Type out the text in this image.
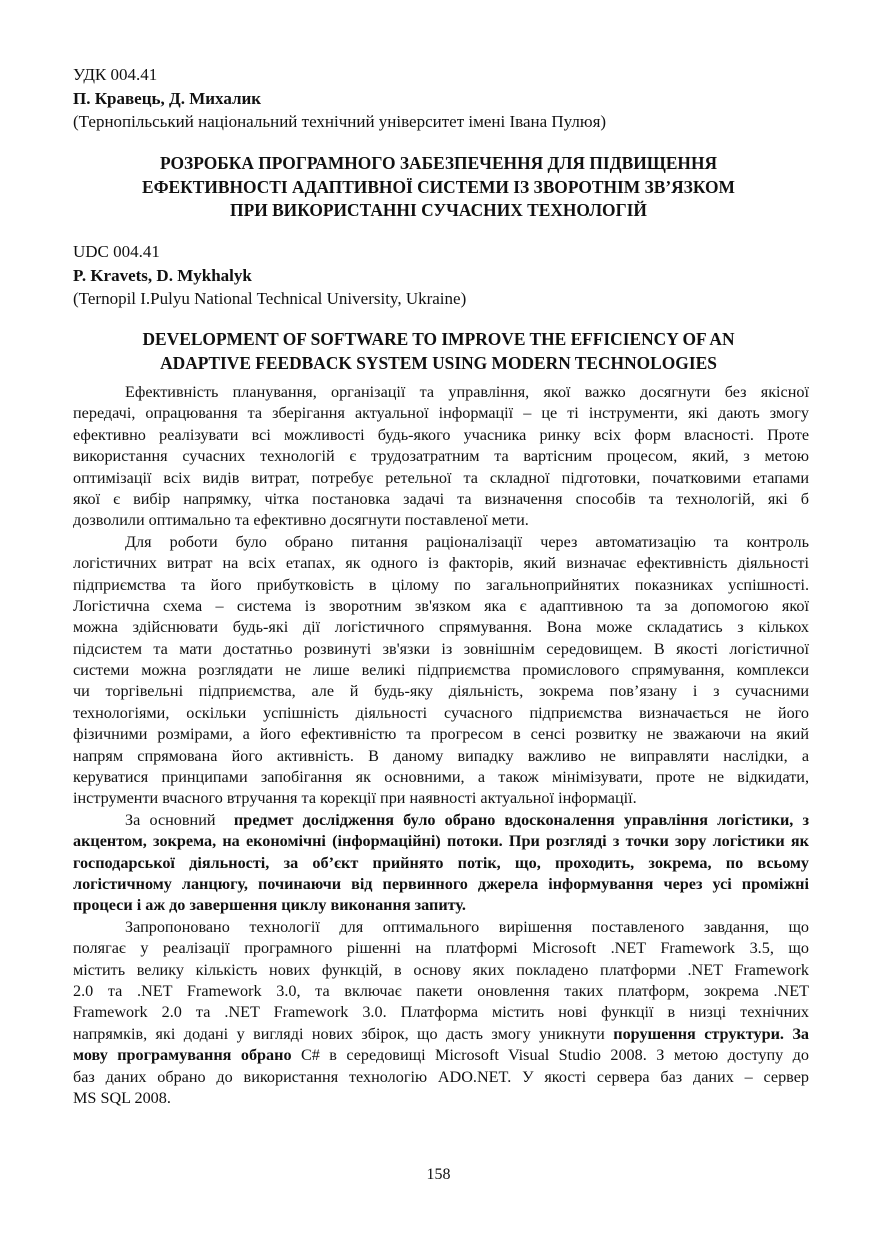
УДК 004.41
П. Кравець, Д. Михалик
(Тернопільський національний технічний університет імені Івана Пулюя)
РОЗРОБКА ПРОГРАМНОГО ЗАБЕЗПЕЧЕННЯ ДЛЯ ПІДВИЩЕННЯ
ЕФЕКТИВНОСТІ АДАПТИВНОЇ СИСТЕМИ ІЗ ЗВОРОТНІМ ЗВ’ЯЗКОМ
ПРИ ВИКОРИСТАННІ СУЧАСНИХ ТЕХНОЛОГІЙ
UDC 004.41
P. Kravets, D. Mykhalyk
(Ternopil I.Pulyu National Technical University, Ukraine)
DEVELOPMENT OF SOFTWARE TO IMPROVE THE EFFICIENCY OF AN
ADAPTIVE FEEDBACK SYSTEM USING MODERN TECHNOLOGIES
Ефективність планування, організації та управління, якої важко досягнути без якісної
передачі, опрацювання та зберігання актуальної інформації – це ті інструменти, які дають змогу
ефективно реалізувати всі можливості будь-якого учасника ринку всіх форм власності. Проте
використання сучасних технологій є трудозатратним та вартісним процесом, який, з метою
оптимізації всіх видів витрат, потребує ретельної та складної підготовки, початковими етапами
якої є вибір напрямку, чітка постановка задачі та визначення способів та технологій, які б
дозволили оптимально та ефективно досягнути поставленої мети.
Для роботи було обрано питання раціоналізації через автоматизацію та контроль
логістичних витрат на всіх етапах, як одного із факторів, який визначає ефективність діяльності
підприємства та його прибутковість в цілому по загальноприйнятих показниках успішності.
Логістична схема – система із зворотним зв'язком яка є адаптивною та за допомогою якої
можна здійснювати будь-які дії логістичного спрямування. Вона може складатись з кількох
підсистем та мати достатньо розвинуті зв'язки із зовнішнім середовищем. В якості логістичної
системи можна розглядати не лише великі підприємства промислового спрямування, комплекси
чи торгівельні підприємства, але й будь-яку діяльність, зокрема пов’язану і з сучасними
технологіями, оскільки успішність діяльності сучасного підприємства визначається не його
фізичними розмірами, а його ефективністю та прогресом в сенсі розвитку не зважаючи на який
напрям спрямована його активність. В даному випадку важливо не виправляти наслідки, а
керуватися принципами запобігання як основними, а також мінімізувати, проте не відкидати,
інструменти вчасного втручання та корекції при наявності актуальної інформації.
За основний предмет дослідження було обрано вдосконалення управління логістики, з
акцентом, зокрема, на економічні (інформаційні) потоки. При розгляді з точки зору логістики як
господарської діяльності, за об’єкт прийнято потік, що, проходить, зокрема, по всьому
логістичному ланцюгу, починаючи від первинного джерела інформування через усі проміжні
процеси і аж до завершення циклу виконання запиту.
Запропоновано технології для оптимального вирішення поставленого завдання, що
полягає у реалізації програмного рішенні на платформі Microsoft .NET Framework 3.5, що
містить велику кількість нових функцій, в основу яких покладено платформи .NET Framework
2.0 та .NET Framework 3.0, та включає пакети оновлення таких платформ, зокрема .NET
Framework 2.0 та .NET Framework 3.0. Платформа містить нові функції в низці технічних
напрямків, які додані у вигляді нових збірок, що дасть змогу уникнути порушення структури. За
мову програмування обрано C# в середовищі Microsoft Visual Studio 2008. З метою доступу до
баз даних обрано до використання технологію ADO.NET. У якості сервера баз даних – сервер
MS SQL 2008.
158
